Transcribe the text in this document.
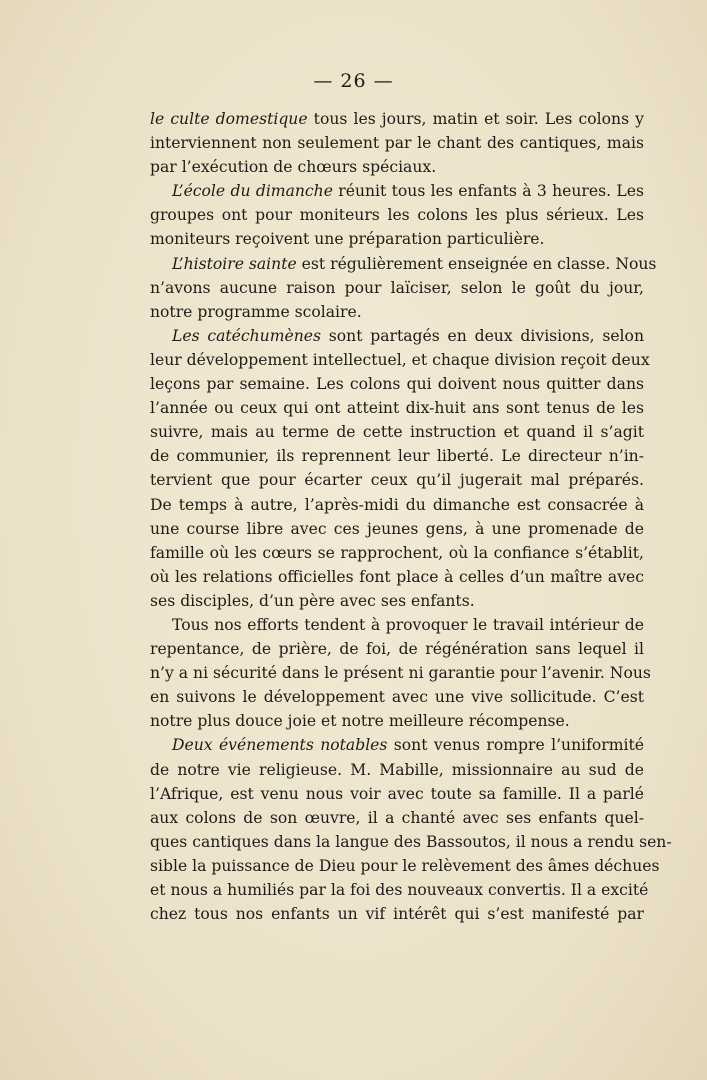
— 26 —
le culte domestique tous les jours, matin et soir. Les colons y
interviennent non seulement par le chant des cantiques, mais
par l’exécution de chœurs spéciaux.
L’école du dimanche réunit tous les enfants à 3 heures. Les
groupes ont pour moniteurs les colons les plus sérieux. Les
moniteurs reçoivent une préparation particulière.
L’histoire sainte est régulièrement enseignée en classe. Nous
n’avons aucune raison pour laïciser, selon le goût du jour,
notre programme scolaire.
Les catéchumènes sont partagés en deux divisions, selon
leur développement intellectuel, et chaque division reçoit deux
leçons par semaine. Les colons qui doivent nous quitter dans
l’année ou ceux qui ont atteint dix-huit ans sont tenus de les
suivre, mais au terme de cette instruction et quand il s’agit
de communier, ils reprennent leur liberté. Le directeur n’in-
tervient que pour écarter ceux qu’il jugerait mal préparés.
De temps à autre, l’après-midi du dimanche est consacrée à
une course libre avec ces jeunes gens, à une promenade de
famille où les cœurs se rapprochent, où la confiance s’établit,
où les relations officielles font place à celles d’un maître avec
ses disciples, d’un père avec ses enfants.
Tous nos efforts tendent à provoquer le travail intérieur de
repentance, de prière, de foi, de régénération sans lequel il
n’y a ni sécurité dans le présent ni garantie pour l’avenir. Nous
en suivons le développement avec une vive sollicitude. C’est
notre plus douce joie et notre meilleure récompense.
Deux événements notables sont venus rompre l’uniformité
de notre vie religieuse. M. Mabille, missionnaire au sud de
l’Afrique, est venu nous voir avec toute sa famille. Il a parlé
aux colons de son œuvre, il a chanté avec ses enfants quel-
ques cantiques dans la langue des Bassoutos, il nous a rendu sen-
sible la puissance de Dieu pour le relèvement des âmes déchues
et nous a humiliés par la foi des nouveaux convertis. Il a excité
chez tous nos enfants un vif intérêt qui s’est manifesté par
